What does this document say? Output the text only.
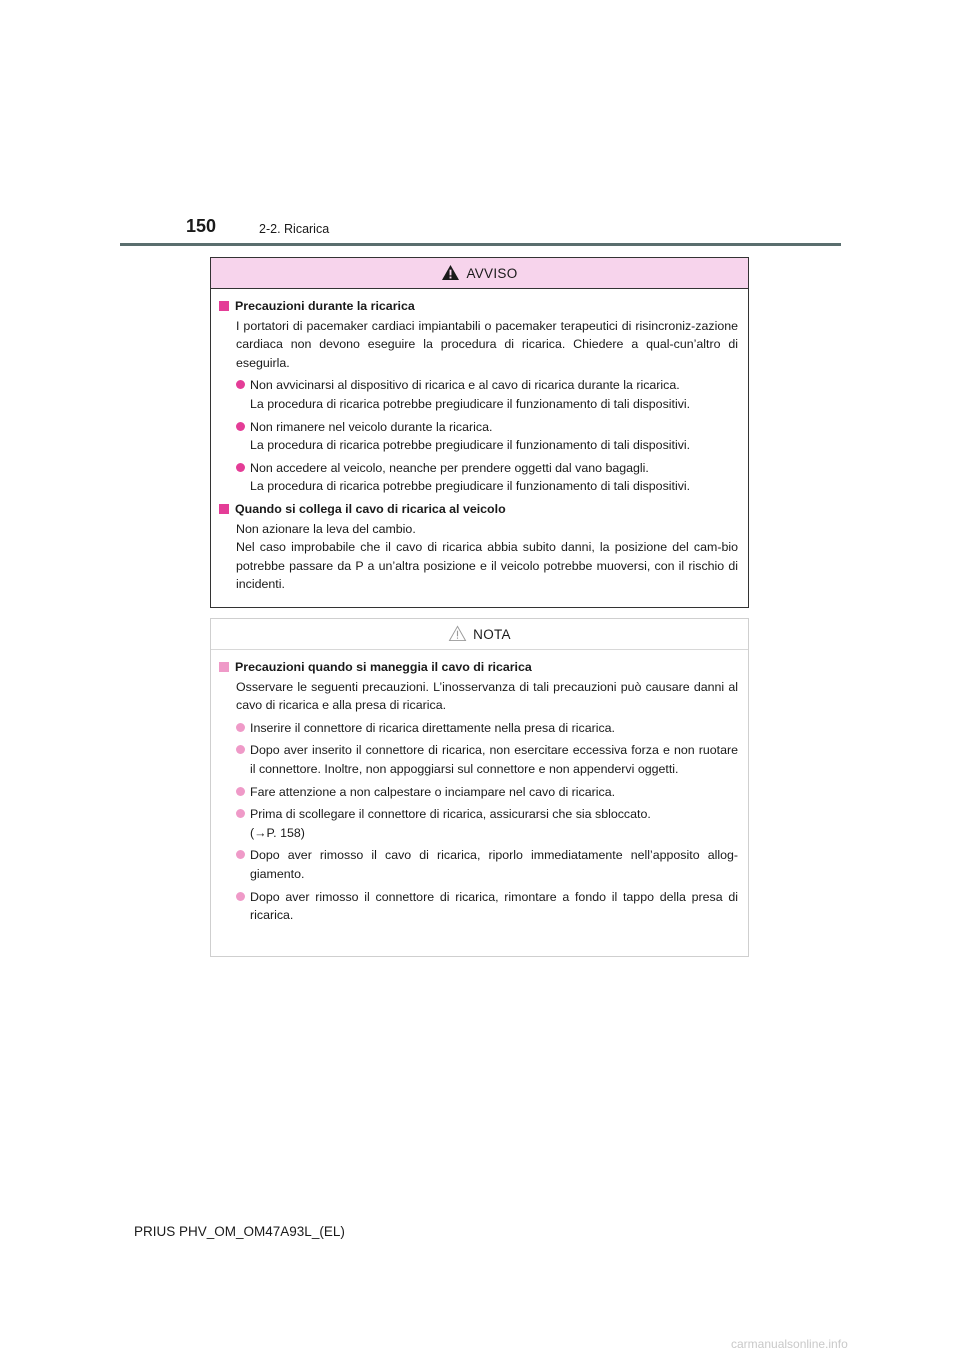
150	2-2. Ricarica
AVVISO
Precauzioni durante la ricarica
I portatori di pacemaker cardiaci impiantabili o pacemaker terapeutici di risincroniz-zazione cardiaca non devono eseguire la procedura di ricarica. Chiedere a qual-cun’altro di eseguirla.
Non avvicinarsi al dispositivo di ricarica e al cavo di ricarica durante la ricarica.
La procedura di ricarica potrebbe pregiudicare il funzionamento di tali dispositivi.
Non rimanere nel veicolo durante la ricarica.
La procedura di ricarica potrebbe pregiudicare il funzionamento di tali dispositivi.
Non accedere al veicolo, neanche per prendere oggetti dal vano bagagli.
La procedura di ricarica potrebbe pregiudicare il funzionamento di tali dispositivi.
Quando si collega il cavo di ricarica al veicolo
Non azionare la leva del cambio.
Nel caso improbabile che il cavo di ricarica abbia subito danni, la posizione del cam-bio potrebbe passare da P a un’altra posizione e il veicolo potrebbe muoversi, con il rischio di incidenti.
NOTA
Precauzioni quando si maneggia il cavo di ricarica
Osservare le seguenti precauzioni. L’inosservanza di tali precauzioni può causare danni al cavo di ricarica e alla presa di ricarica.
Inserire il connettore di ricarica direttamente nella presa di ricarica.
Dopo aver inserito il connettore di ricarica, non esercitare eccessiva forza e non ruotare il connettore. Inoltre, non appoggiarsi sul connettore e non appendervi oggetti.
Fare attenzione a non calpestare o inciampare nel cavo di ricarica.
Prima di scollegare il connettore di ricarica, assicurarsi che sia sbloccato.
(→P. 158)
Dopo aver rimosso il cavo di ricarica, riporlo immediatamente nell’apposito allog-giamento.
Dopo aver rimosso il connettore di ricarica, rimontare a fondo il tappo della presa di ricarica.
PRIUS PHV_OM_OM47A93L_(EL)
carmanualsonline.info
